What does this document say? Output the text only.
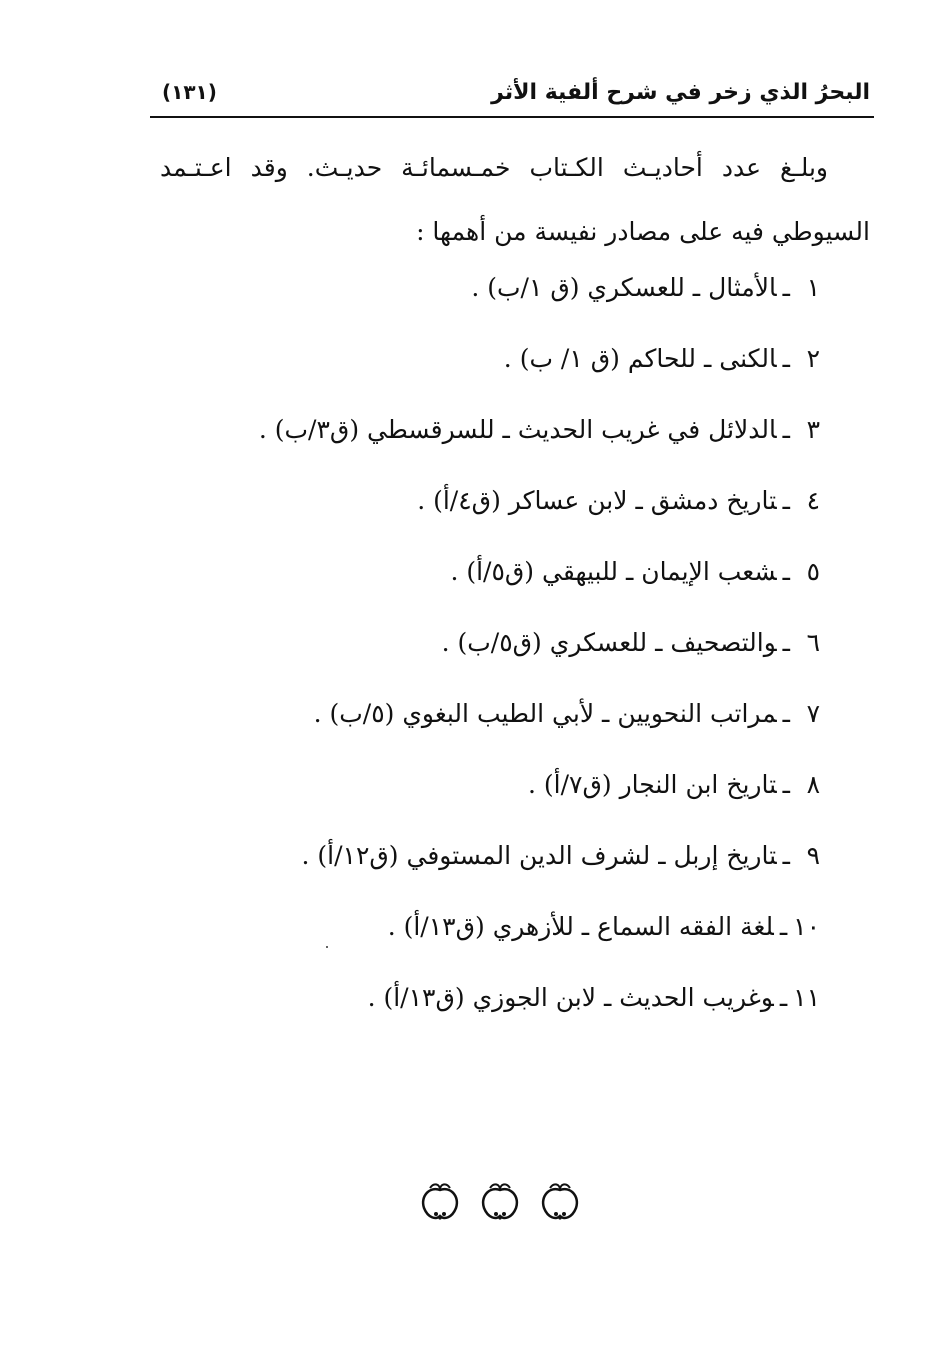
البحرُ الذي زخر في شرح ألفية الأثر
(١٣١)

وبلـغ عدد أحاديـث الكـتاب خمـسمائـة حديـث. وقد اعـتـمد السيوطي فيه على مصادر نفيسة من أهمها :

١ـالأمثال ـ للعسكري (ق ١/ب) .
٢ـالكنى ـ للحاكم (ق ١/ ب) .
٣ـالدلائل في غريب الحديث ـ للسرقسطي (ق٣/ب) .
٤ـتاريخ دمشق ـ لابن عساكر (ق٤/أ) .
٥ـشعب الإيمان ـ للبيهقي (ق٥/أ) .
٦ـوالتصحيف ـ للعسكري (ق٥/ب) .
٧ـمراتب النحويين ـ لأبي الطيب البغوي (٥/ب) .
٨ـتاريخ ابن النجار (ق٧/أ) .
٩ـتاريخ إربل ـ لشرف الدين المستوفي (ق١٢/أ) .
١٠ـلغة الفقه السماع ـ للأزهري (ق١٣/أ) .
١١ـوغريب الحديث ـ لابن الجوزي (ق١٣/أ) .
